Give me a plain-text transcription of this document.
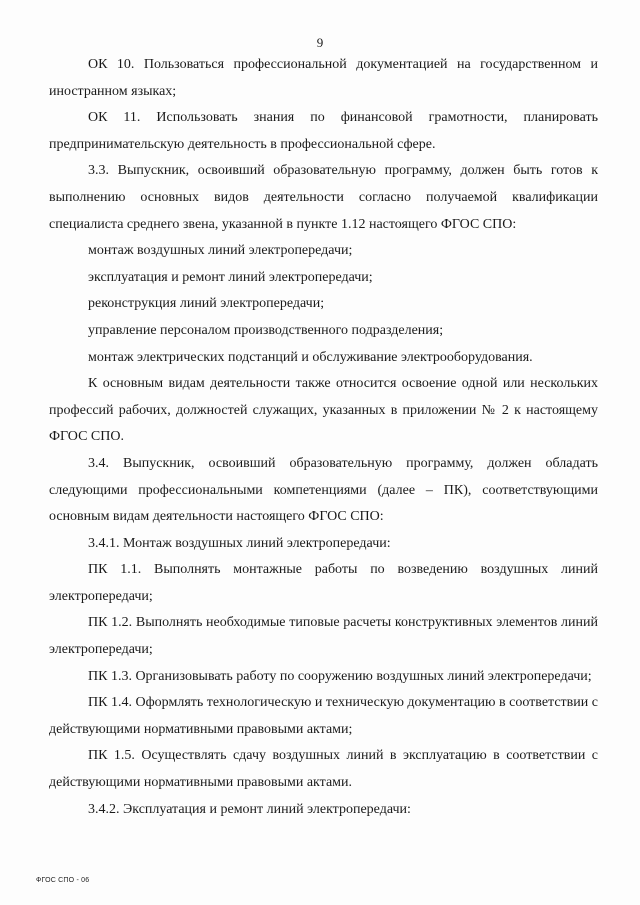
9

ОК 10. Пользоваться профессиональной документацией на государственном и иностранном языках;

ОК 11. Использовать знания по финансовой грамотности, планировать предпринимательскую деятельность в профессиональной сфере.

3.3. Выпускник, освоивший образовательную программу, должен быть готов к выполнению основных видов деятельности согласно получаемой квалификации специалиста среднего звена, указанной в пункте 1.12 настоящего ФГОС СПО:

монтаж воздушных линий электропередачи;

эксплуатация и ремонт линий электропередачи;

реконструкция линий электропередачи;

управление персоналом производственного подразделения;

монтаж электрических подстанций и обслуживание электрооборудования.

К основным видам деятельности также относится освоение одной или нескольких профессий рабочих, должностей служащих, указанных в приложении № 2 к настоящему ФГОС СПО.

3.4. Выпускник, освоивший образовательную программу, должен обладать следующими профессиональными компетенциями (далее – ПК), соответствующими основным видам деятельности настоящего ФГОС СПО:

3.4.1. Монтаж воздушных линий электропередачи:

ПК 1.1. Выполнять монтажные работы по возведению воздушных линий электропередачи;

ПК 1.2. Выполнять необходимые типовые расчеты конструктивных элементов линий электропередачи;

ПК 1.3. Организовывать работу по сооружению воздушных линий электропередачи;

ПК 1.4. Оформлять технологическую и техническую документацию в соответствии с действующими нормативными правовыми актами;

ПК 1.5. Осуществлять сдачу воздушных линий в эксплуатацию в соответствии с действующими нормативными правовыми актами.

3.4.2. Эксплуатация и ремонт линий электропередачи:

ФГОС СПО - 06
